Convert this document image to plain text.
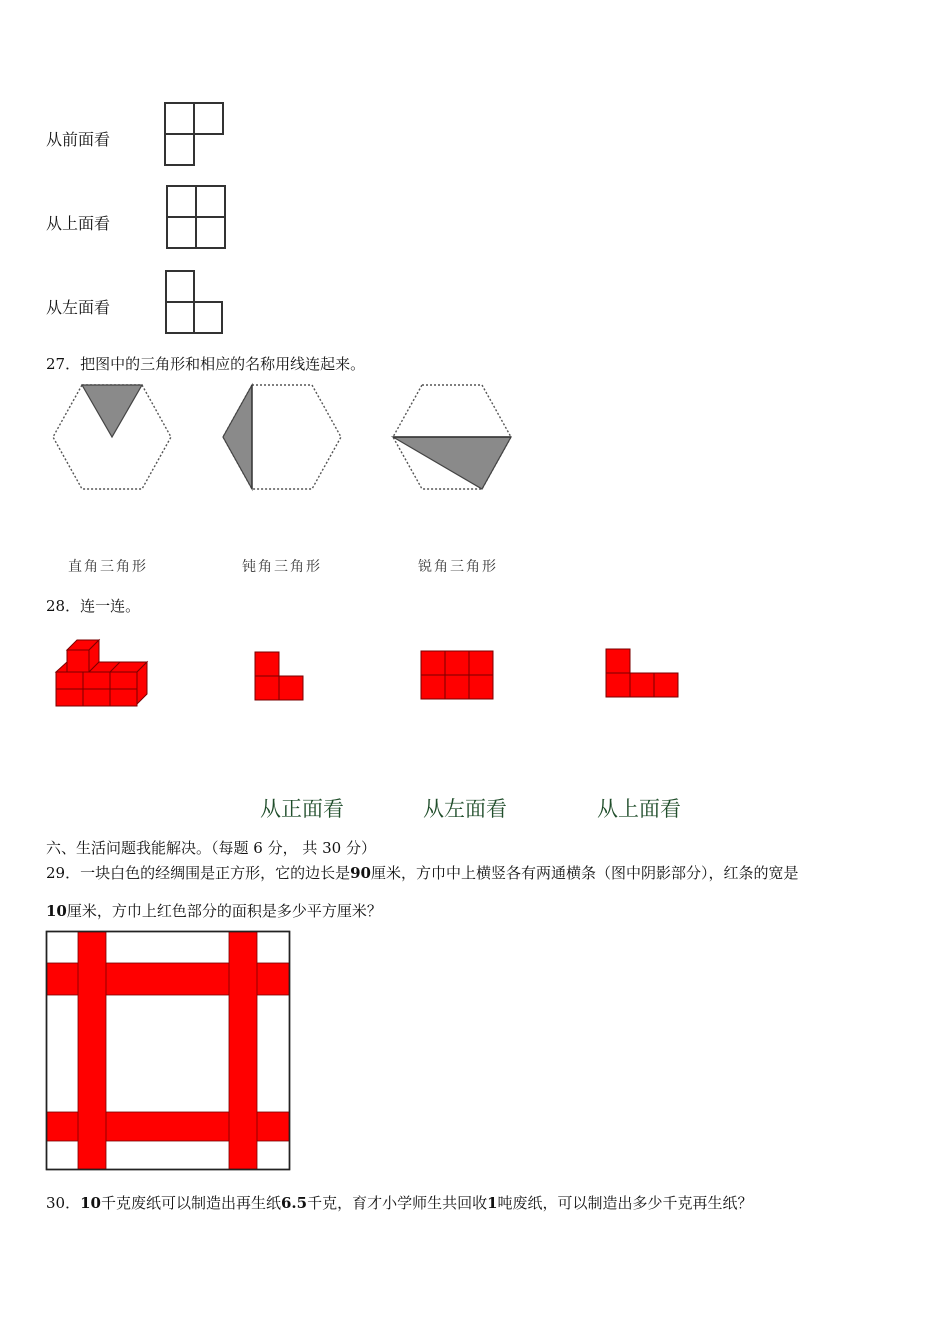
从前面看
从上面看
从左面看
27．把图中的三角形和相应的名称用线连起来。
直角三角形	钝角三角形	锐角三角形
28．连一连。
从正面看	从左面看	从上面看
六、生活问题我能解决。（每题 6 分， 共 30 分）
29．一块白色的经绸围是正方形，它的边长是90厘米，方巾中上横竖各有两通横条（图中阴影部分），红条的宽是
10厘米，方巾上红色部分的面积是多少平方厘米？
30．10千克废纸可以制造出再生纸6.5千克，育才小学师生共回收1吨废纸，可以制造出多少千克再生纸？
